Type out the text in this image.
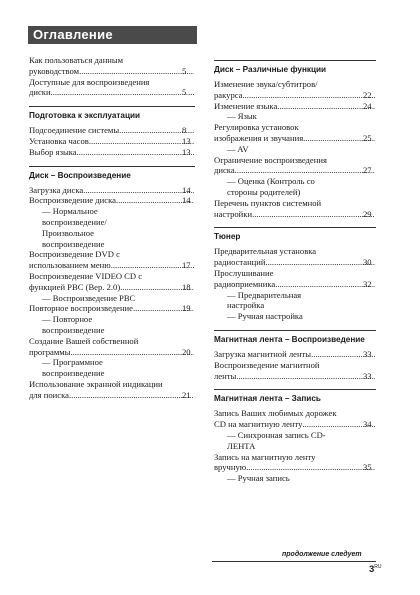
Оглавление
Как пользоваться данным
руководством .....	5
Доступные для воспроизведения
диски .....	5
Подготовка к эксплуатации
Подсоединение системы .....	8
Установка часов .....	13
Выбор языка .....	13
Диск – Воспроизведение
Загрузка диска .....	14
Воспроизведение диска .....	14
— Нормальное
воспроизведение/
Произвольное
воспроизведение
Воспроизведение DVD с
использованием меню .....	17
Воспроизведение VIDEO CD с
функцией PBC (Вер. 2.0) .....	18
— Воспроизведение PBC
Повторное воспроизведение .....	19
— Повторное
воспроизведение
Создание Вашей собственной
программы .....	20
— Программное
воспроизведение
Использование экранной индикации
для поиска .....	21
Диск – Различные функции
Изменение звука/субтитров/
ракурса .....	22
Изменение языка .....	24
— Язык
Регулировка установок
изображения и звучания .....	25
— AV
Ограничение воспроизведения
диска .....	27
— Оценка (Контроль со
стороны родителей)
Перечень пунктов системной
настройки .....	29
Тюнер
Предварительная установка
радиостанций .....	30
Прослушивание
радиоприемника .....	32
— Предварительная
настройка
— Ручная настройка
Магнитная лента – Воспроизведение
Загрузка магнитной ленты .....	33
Воспроизведение магнитной
ленты .....	33
Магнитная лента – Запись
Запись Ваших любимых дорожек
CD на магнитную ленту .....	34
— Синхронная запись CD-
ЛЕНТА
Запись на магнитную ленту
вручную .....	35
— Ручная запись
продолжение следует
$3^{RU}$
